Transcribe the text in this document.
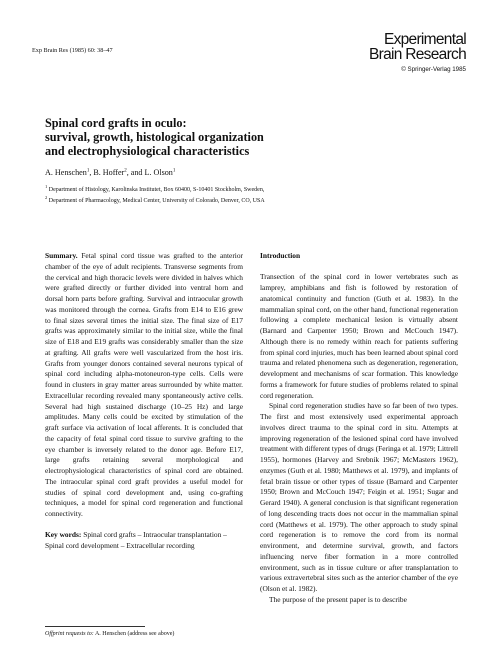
Exp Brain Res (1985) 60: 38–47
Experimental
Brain Research
© Springer-Verlag 1985
Spinal cord grafts in oculo:
survival, growth, histological organization
and electrophysiological characteristics
A. Henschen$^1$, B. Hoffer$^2$, and L. Olson$^1$
$^1$ Department of Histology, Karolinska Institutet, Box 60400, S-10401 Stockholm, Sweden,
$^2$ Department of Pharmacology, Medical Center, University of Colorado, Denver, CO, USA

Summary. Fetal spinal cord tissue was grafted to the anterior chamber of the eye of adult recipients. Transverse segments from the cervical and high thoracic levels were divided in halves which were grafted directly or further divided into ventral horn and dorsal horn parts before grafting. Survival and intraocular growth was monitored through the cornea. Grafts from E14 to E16 grew to final sizes several times the initial size. The final size of E17 grafts was approximately similar to the initial size, while the final size of E18 and E19 grafts was considerably smaller than the size at grafting. All grafts were well vascularized from the host iris. Grafts from younger donors contained several neurons typical of spinal cord including alpha-motoneuron-type cells. Cells were found in clusters in gray matter areas surrounded by white matter. Extracellular recording revealed many spontaneously active cells. Several had high sustained discharge (10–25 Hz) and large amplitudes. Many cells could be excited by stimulation of the graft surface via activation of local afferents. It is concluded that the capacity of fetal spinal cord tissue to survive grafting to the eye chamber is inversely related to the donor age. Before E17, large grafts retaining several morphological and electrophysiological characteristics of spinal cord are obtained. The intraocular spinal cord graft provides a useful model for studies of spinal cord development and, using co-grafting techniques, a model for spinal cord regeneration and functional connectivity.

Key words: Spinal cord grafts – Intraocular transplantation – Spinal cord development – Extracellular recording

Introduction

Transection of the spinal cord in lower vertebrates such as lamprey, amphibians and fish is followed by restoration of anatomical continuity and function (Guth et al. 1983). In the mammalian spinal cord, on the other hand, functional regeneration following a complete mechanical lesion is virtually absent (Barnard and Carpenter 1950; Brown and McCouch 1947). Although there is no remedy within reach for patients suffering from spinal cord injuries, much has been learned about spinal cord trauma and related phenomena such as degeneration, regeneration, development and mechanisms of scar formation. This knowledge forms a framework for future studies of problems related to spinal cord regeneration.

Spinal cord regeneration studies have so far been of two types. The first and most extensively used experimental approach involves direct trauma to the spinal cord in situ. Attempts at improving regeneration of the lesioned spinal cord have involved treatment with different types of drugs (Feringa et al. 1979; Littrell 1955), hormones (Harvey and Srebnik 1967; McMasters 1962), enzymes (Guth et al. 1980; Matthews et al. 1979), and implants of fetal brain tissue or other types of tissue (Barnard and Carpenter 1950; Brown and McCouch 1947; Feigin et al. 1951; Sugar and Gerard 1940). A general conclusion is that significant regeneration of long descending tracts does not occur in the mammalian spinal cord (Matthews et al. 1979). The other approach to study spinal cord regeneration is to remove the cord from its normal environment, and determine survival, growth, and factors influencing nerve fiber formation in a more controlled environment, such as in tissue culture or after transplantation to various extravertebral sites such as the anterior chamber of the eye (Olson et al. 1982).

The purpose of the present paper is to describe

Offprint requests to: A. Henschen (address see above)
